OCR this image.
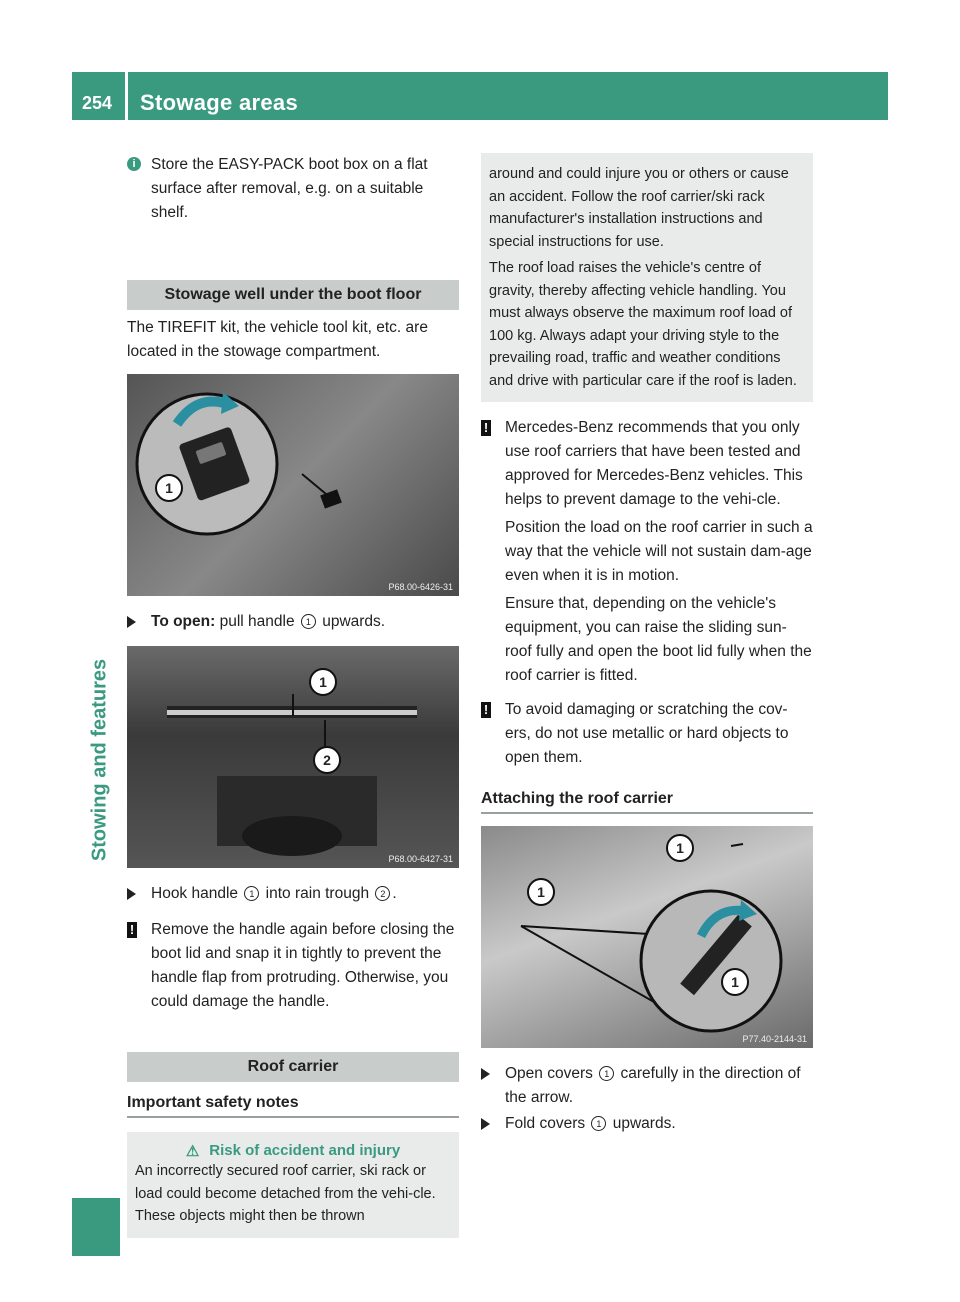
254 Stowage areas
Stowing and features
i Store the EASY-PACK boot box on a flat surface after removal, e.g. on a suitable shelf.

Stowage well under the boot floor

The TIREFIT kit, the vehicle tool kit, etc. are located in the stowage compartment.

1
P68.00-6426-31

To open: pull handle 1 upwards.

1
2
P68.00-6427-31

Hook handle 1 into rain trough 2 .

!	Remove the handle again before closing the boot lid and snap it in tightly to prevent the handle flap from protruding. Otherwise, you could damage the handle.

Roof carrier
Important safety notes
⚠ Risk of accident and injury

An incorrectly secured roof carrier, ski rack or load could become detached from the vehi-cle. These objects might then be thrown

around and could injure you or others or cause an accident. Follow the roof carrier/ski rack manufacturer's installation instructions and special instructions for use.

The roof load raises the vehicle's centre of gravity, thereby affecting vehicle handling. You must always observe the maximum roof load of 100 kg. Always adapt your driving style to the prevailing road, traffic and weather conditions and drive with particular care if the roof is laden.

!	Mercedes-Benz recommends that you only use roof carriers that have been tested and approved for Mercedes-Benz vehicles. This helps to prevent damage to the vehi-cle.

Position the load on the roof carrier in such a way that the vehicle will not sustain dam-age even when it is in motion.

Ensure that, depending on the vehicle's equipment, you can raise the sliding sun-roof fully and open the boot lid fully when the roof carrier is fitted.

!	To avoid damaging or scratching the cov-ers, do not use metallic or hard objects to open them.

Attaching the roof carrier
1
1
1
P77.40-2144-31

Open covers 1 carefully in the direction of the arrow.

Fold covers 1 upwards.
